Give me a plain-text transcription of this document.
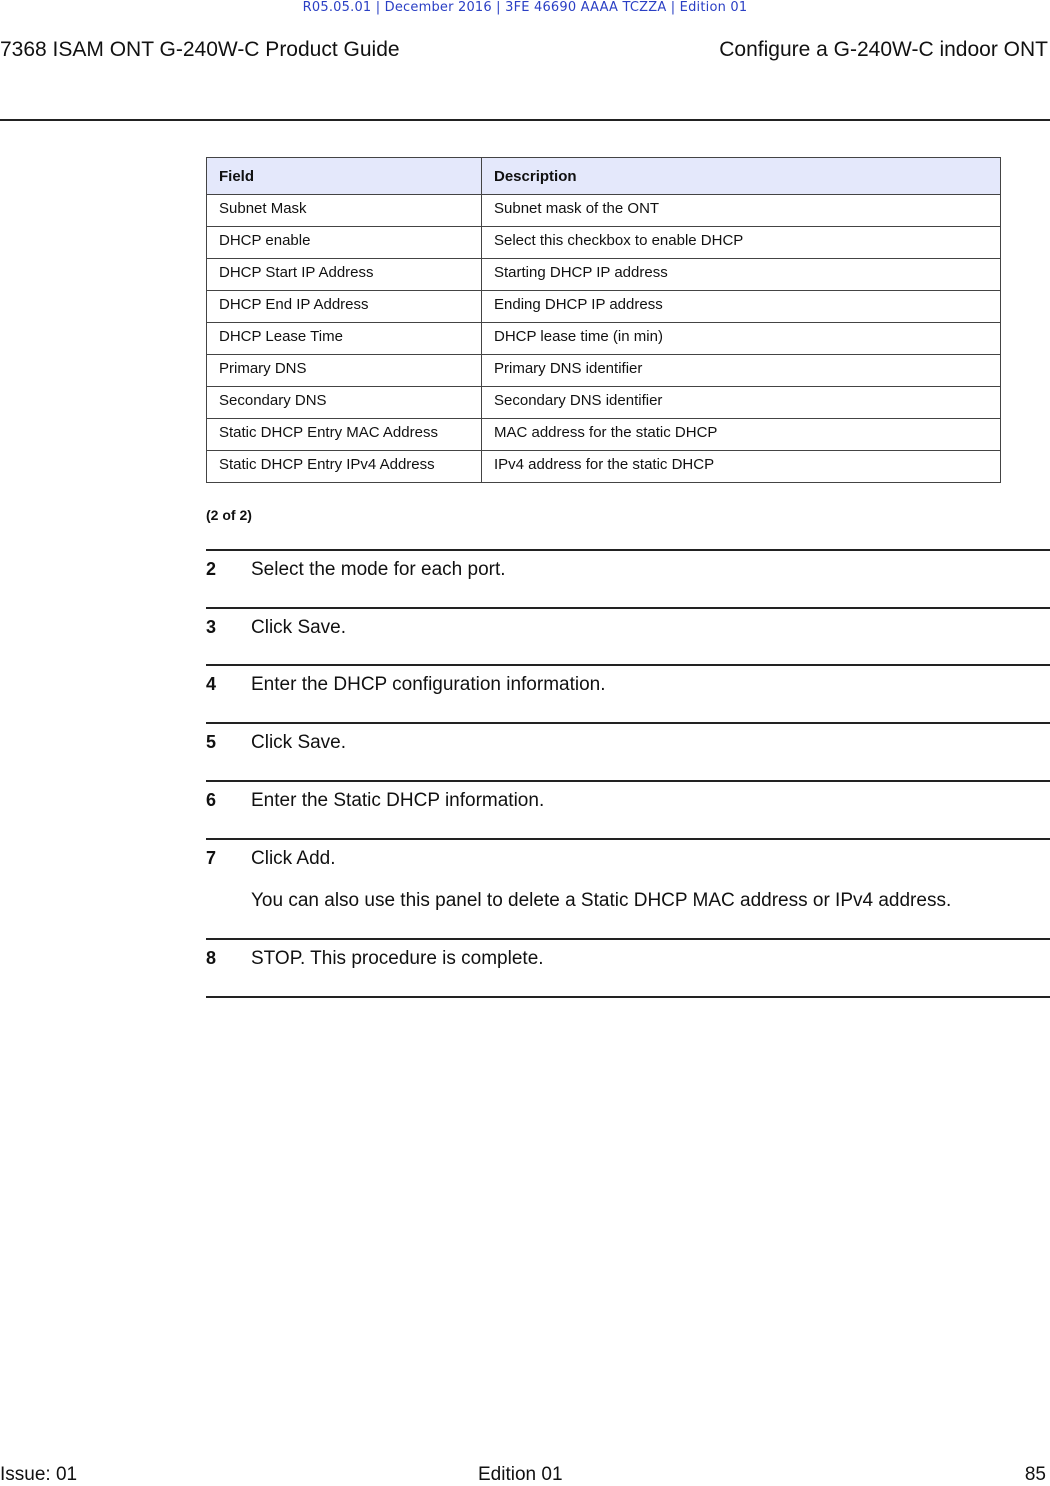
R05.05.01 | December 2016 | 3FE 46690 AAAA TCZZA | Edition 01
7368 ISAM ONT G-240W-C Product Guide	Configure a G-240W-C indoor ONT
Field	Description
Subnet Mask	Subnet mask of the ONT
DHCP enable	Select this checkbox to enable DHCP
DHCP Start IP Address	Starting DHCP IP address
DHCP End IP Address	Ending DHCP IP address
DHCP Lease Time	DHCP lease time (in min)
Primary DNS	Primary DNS identifier
Secondary DNS	Secondary DNS identifier
Static DHCP Entry MAC Address	MAC address for the static DHCP
Static DHCP Entry IPv4 Address	IPv4 address for the static DHCP
(2 of 2)
2 Select the mode for each port.
3 Click Save.
4 Enter the DHCP configuration information.
5 Click Save.
6 Enter the Static DHCP information.
7 Click Add.
You can also use this panel to delete a Static DHCP MAC address or IPv4 address.
8 STOP. This procedure is complete.
Issue: 01	Edition 01	85
